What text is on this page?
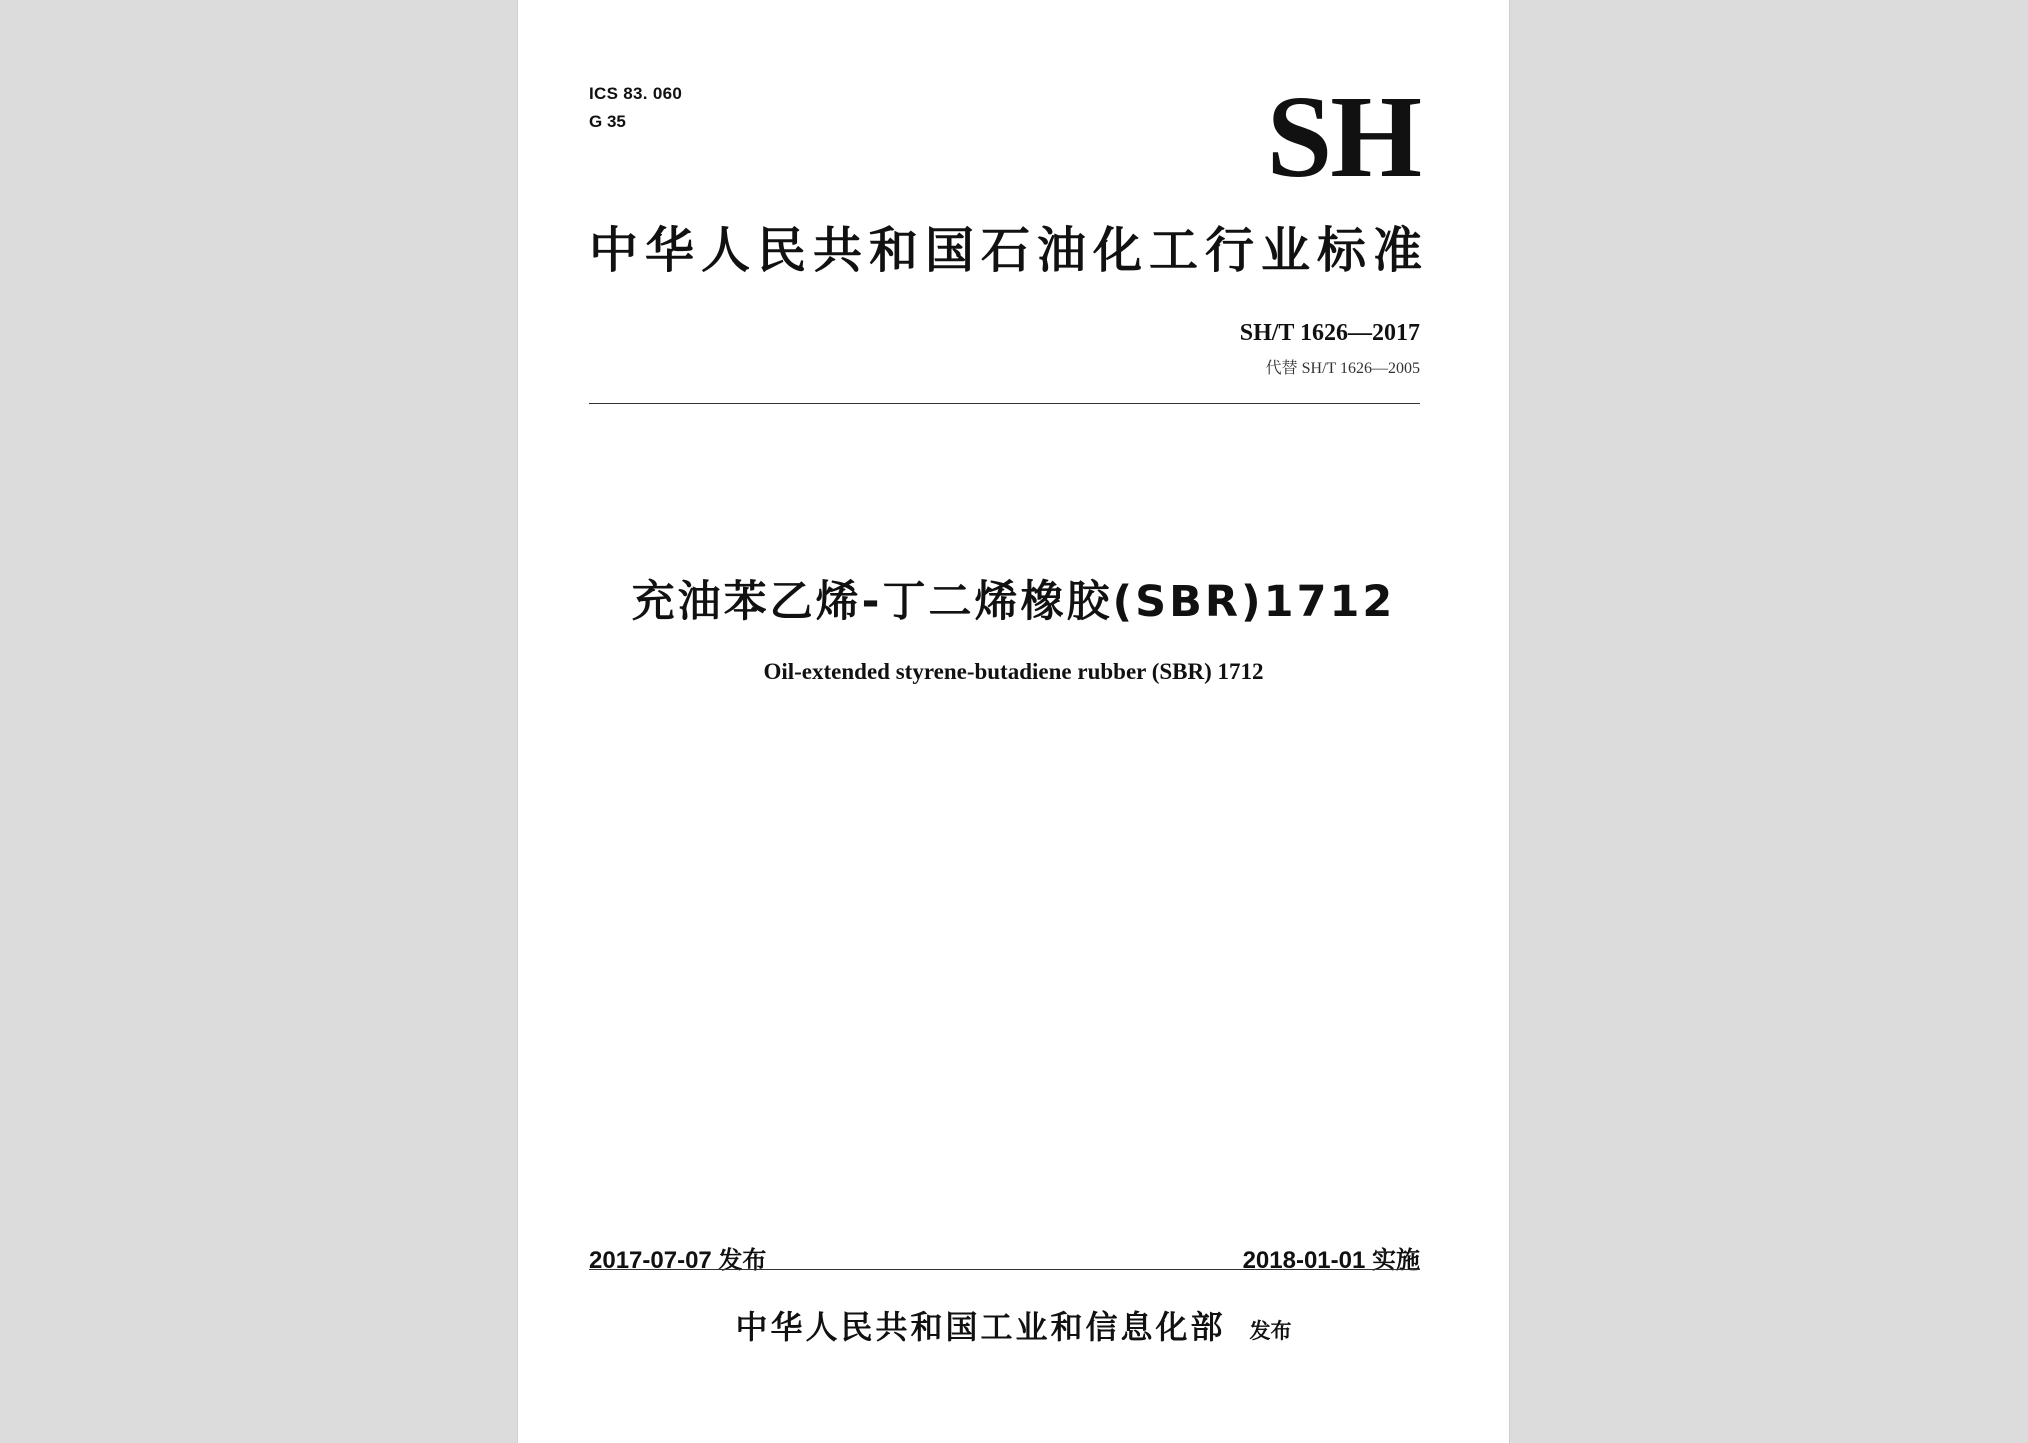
ICS 83. 060
G 35	SH
中华人民共和国石油化工行业标准
SH/T 1626—2017
代替 SH/T 1626—2005
充油苯乙烯-丁二烯橡胶(SBR)1712
Oil-extended styrene-butadiene rubber (SBR) 1712
2017-07-07 发布	2018-01-01 实施
中华人民共和国工业和信息化部 发布
